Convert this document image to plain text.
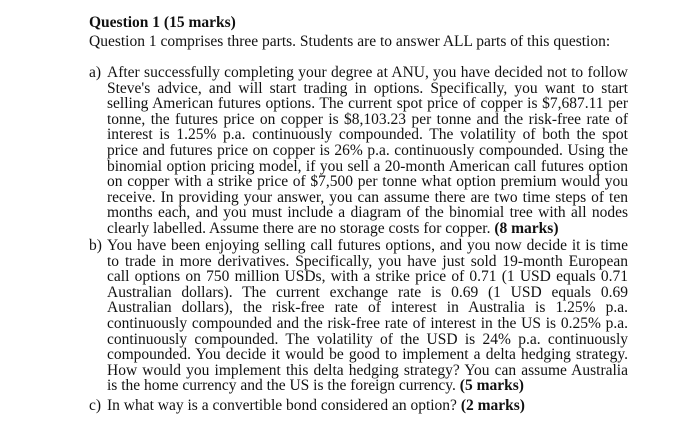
Question 1 (15 marks)
Question 1 comprises three parts. Students are to answer ALL parts of this question:
a) After successfully completing your degree at ANU, you have decided not to follow Steve's advice, and will start trading in options. Specifically, you want to start selling American futures options. The current spot price of copper is $7,687.11 per tonne, the futures price on copper is $8,103.23 per tonne and the risk-free rate of interest is 1.25% p.a. continuously compounded. The volatility of both the spot price and futures price on copper is 26% p.a. continuously compounded. Using the binomial option pricing model, if you sell a 20-month American call futures option on copper with a strike price of $7,500 per tonne what option premium would you receive. In providing your answer, you can assume there are two time steps of ten months each, and you must include a diagram of the binomial tree with all nodes clearly labelled. Assume there are no storage costs for copper. (8 marks)
b) You have been enjoying selling call futures options, and you now decide it is time to trade in more derivatives. Specifically, you have just sold 19-month European call options on 750 million USDs, with a strike price of 0.71 (1 USD equals 0.71 Australian dollars). The current exchange rate is 0.69 (1 USD equals 0.69 Australian dollars), the risk-free rate of interest in Australia is 1.25% p.a. continuously compounded and the risk-free rate of interest in the US is 0.25% p.a. continuously compounded. The volatility of the USD is 24% p.a. continuously compounded. You decide it would be good to implement a delta hedging strategy. How would you implement this delta hedging strategy? You can assume Australia is the home currency and the US is the foreign currency. (5 marks)
c) In what way is a convertible bond considered an option? (2 marks)
